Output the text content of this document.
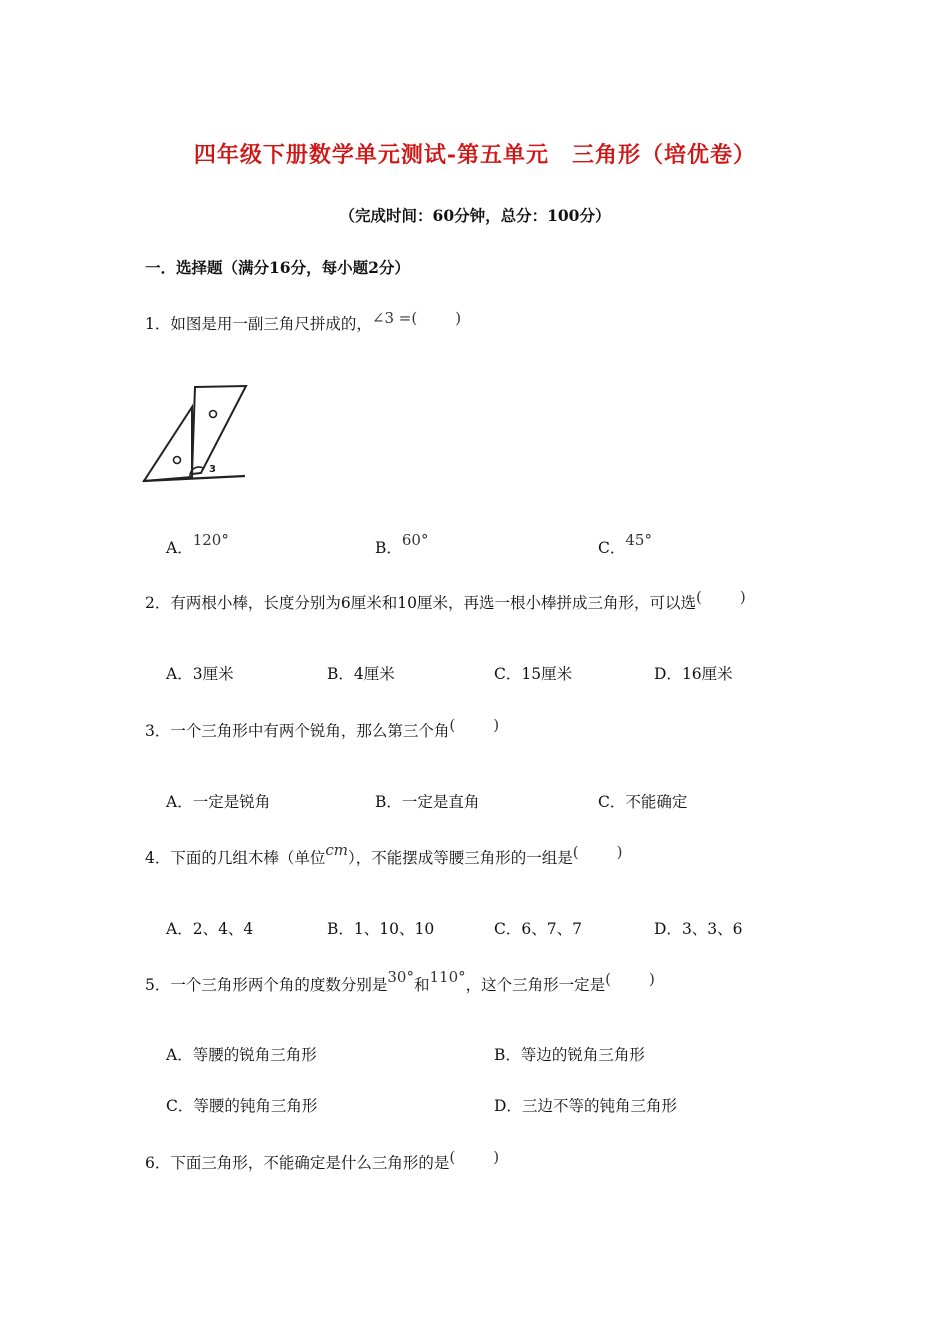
四年级下册数学单元测试-第五单元　三角形（培优卷）
（完成时间：60分钟，总分：100分）
一．选择题（满分16分，每小题2分）
1．如图是用一副三角尺拼成的，∠3 =(	)
3
A．120°	B．60°	C．45°
2．有两根小棒，长度分别为6厘米和10厘米，再选一根小棒拼成三角形，可以选(	)
A．3厘米	B．4厘米	C．15厘米	D．16厘米
3．一个三角形中有两个锐角，那么第三个角(	)
A．一定是锐角	B．一定是直角	C．不能确定
4．下面的几组木棒（单位cm），不能摆成等腰三角形的一组是(	)
A．2、4、4	B．1、10、10	C．6、7、7	D．3、3、6
5．一个三角形两个角的度数分别是30°和110°，这个三角形一定是(	)
A．等腰的锐角三角形	B．等边的锐角三角形
C．等腰的钝角三角形	D．三边不等的钝角三角形
6．下面三角形，不能确定是什么三角形的是(	)
